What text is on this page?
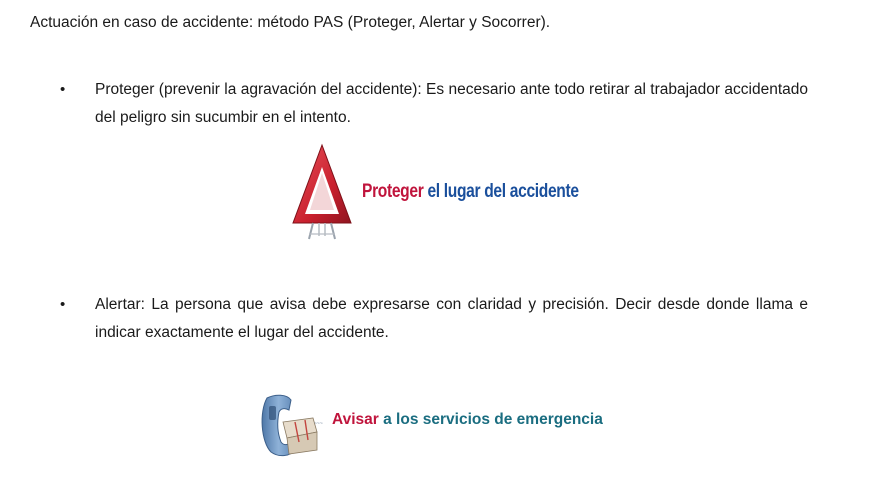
Actuación en caso de accidente: método PAS (Proteger, Alertar y Socorrer).
•	Proteger (prevenir la agravación del accidente): Es necesario ante todo retirar al trabajador accidentado del peligro sin sucumbir en el intento.
Proteger el lugar del accidente
•	Alertar: La persona que avisa debe expresarse con claridad y precisión. Decir desde donde llama e indicar exactamente el lugar del accidente.
~~~ Avisar a los servicios de emergencia
